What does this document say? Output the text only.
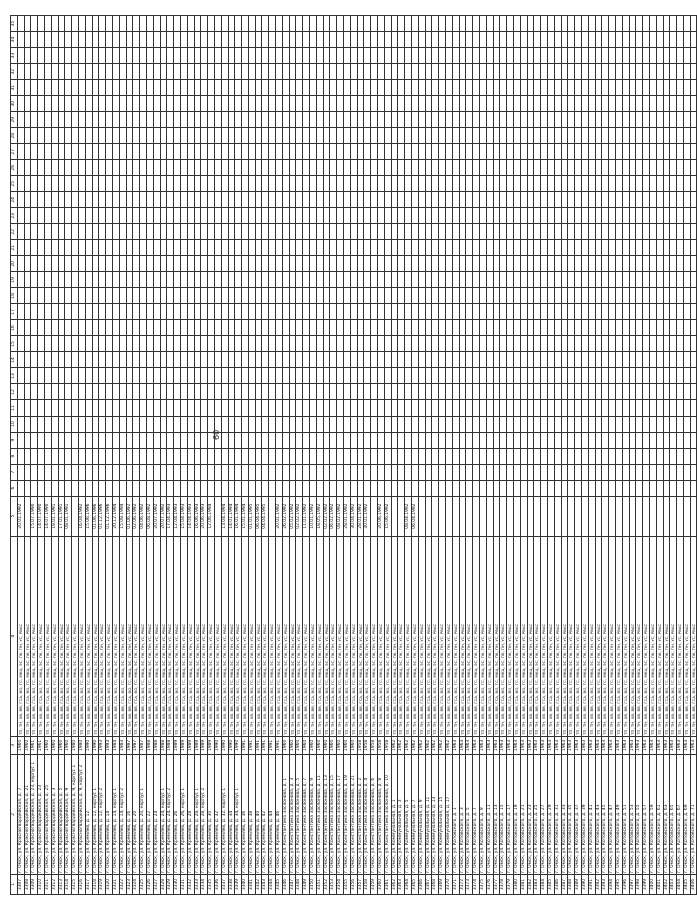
60
1	2	3	4	5	6	7	8	9	10	11	12	13	14	15	16	17	18	19	20	21	22	23	24	25	26	27	28	29	30	31	32	33	34	35
3307	г. Омск, ул. Красногвардейская, д. 7	1960	ТП, ТН, ХВ, ВВ, ГСА, ВО, ГС, МКЦ, ЭС, ПК, ПН, УС, РВАС	20.01.1992																														
3308	г. Омск, ул. Красногвардейская, д. 21	1960	ТП, ТН, ХВ, ВВ, ГСА, ВО, ГС, МКЦ, ЭС, ПК, ПН, УС, РВАС																															
3309	г. Омск, ул. Красногвардейская, д. 23, корпус 1	1961	ТП, ТН, ХВ, ВВ, ГСА, ВО, ГС, МКЦ, ЭС, ПК, ПН, УС, РВАС	15.07.1990																														
3310	г. Омск, ул. Красногвардейская, д. 23	1961	ТП, ТН, ХВ, ВВ, ГСА, ВО, ГС, МКЦ, ЭС, ПК, ПН, УС, РВАС	14.07.1990																														
3311	г. Омск, ул. Красногвардейская, д. 25	1960	ТП, ТН, ХВ, ВВ, ГСА, ВО, ГС, МКЦ, ЭС, ПК, ПН, УС, РВАС	14.07.1990																														
3312	г. Омск, ул. Красногвардейская, д. 3	1960	ТП, ТН, ХВ, ВВ, ГСА, ВО, ГС, МКЦ, ЭС, ПК, ПН, УС, РВАС	18.01.1991																														
3313	г. Омск, ул. Красногвардейская, д. 5	1960	ТП, ТН, ХВ, ВВ, ГСА, ВО, ГС, МКЦ, ЭС, ПК, ПН, УС, РВАС	17.01.1991																														
3314	г. Омск, ул. Красногвардейская, д. 9	1960	ТП, ТН, ХВ, ВВ, ГСА, ВО, ГС, МКЦ, ЭС, ПК, ПН, УС, РВАС	08.01.1991																														
3315	г. Омск, ул. Красногвардейская, д. 9, корпус 1	1980	ТП, ТН, ХВ, ВВ, ГСА, ВО, ГС, МКЦ, ЭС, ПК, ПН, УС, РВАС																															
3316	г. Омск, ул. Красногвардейская, д. 9, корпус 2	1980	ТП, ТН, ХВ, ВВ, ГСА, ВО, ГС, МКЦ, ЭС, ПК, ПН, УС, РВАС	16.04.1992																														
3317	г. Омск, ул. Кремлев, д. 12	1990	ТП, ТН, ХВ, ВВ, ГСА, ВО, ГС, МКЦ, ЭС, ПК, ПН, УС, РВАС	15.06.1996																														
3318	г. Омск, ул. Кремлев, д. 12, корпус 1	1990	ТП, ТН, ХВ, ВВ, ГСА, ВО, ГС, МКЦ, ЭС, ПК, ПН, УС, РВАС	01.06.1996																														
3319	г. Омск, ул. Кремлев, д. 12, корпус 2	1993	ТП, ТН, ХВ, ВВ, ГСА, ВО, ГС, МКЦ, ЭС, ПК, ПН, УС, РВАС	01.12.1996																														
3320	г. Омск, ул. Кремлев, д. 14	1993	ТП, ТН, ХВ, ВВ, ГСА, ВО, ГС, МКЦ, ЭС, ПК, ПН, УС, РВАС	01.12.1996																														
3321	г. Омск, ул. Кремлев, д. 14, корпус 1	1984	ТП, ТН, ХВ, ВВ, ГСА, ВО, ГС, МКЦ, ЭС, ПК, ПН, УС, РВАС	20.12.1994																														
3322	г. Омск, ул. Кремлев, д. 14, корпус 2	1983	ТП, ТН, ХВ, ВВ, ГСА, ВО, ГС, МКЦ, ЭС, ПК, ПН, УС, РВАС	15.08.1994																														
3323	г. Омск, ул. Кремлев, д. 16	1987	ТП, ТН, ХВ, ВВ, ГСА, ВО, ГС, МКЦ, ЭС, ПК, ПН, УС, РВАС	01.06.1992																														
3324	г. Омск, ул. Кремлев, д. 20	1987	ТП, ТН, ХВ, ВВ, ГСА, ВО, ГС, МКЦ, ЭС, ПК, ПН, УС, РВАС	02.06.1992																														
3325	г. Омск, ул. Кремлев, д. 20, корпус 1	1987	ТП, ТН, ХВ, ВВ, ГСА, ВО, ГС, МКЦ, ЭС, ПК, ПН, УС, РВАС	04.06.1992																														
3326	г. Омск, ул. Кремлев, д. 22	1988	ТП, ТН, ХВ, ВВ, ГСА, ВО, ГС, МКЦ, ЭС, ПК, ПН, УС, РВАС	06.08.1992																														
3327	г. Омск, ул. Кремлев, д. 24	1988	ТП, ТН, ХВ, ВВ, ГСА, ВО, ГС, МКЦ, ЭС, ПК, ПН, УС, РВАС	20.07.1992																														
3328	г. Омск, ул. Кремлев, д. 24, корпус 1	1988	ТП, ТН, ХВ, ВВ, ГСА, ВО, ГС, МКЦ, ЭС, ПК, ПН, УС, РВАС	20.07.1992																														
3329	г. Омск, ул. Кремлев, д. 24, корпус 2	1988	ТП, ТН, ХВ, ВВ, ГСА, ВО, ГС, МКЦ, ЭС, ПК, ПН, УС, РВАС	17.04.1993																														
3330	г. Омск, ул. Кремлев, д. 26	1989	ТП, ТН, ХВ, ВВ, ГСА, ВО, ГС, МКЦ, ЭС, ПК, ПН, УС, РВАС	12.04.1993																														
3331	г. Омск, ул. Кремлев, д. 26, корпус 1	1989	ТП, ТН, ХВ, ВВ, ГСА, ВО, ГС, МКЦ, ЭС, ПК, ПН, УС, РВАС	15.04.1993																														
3332	г. Омск, ул. Кремлев, д. 28	1989	ТП, ТН, ХВ, ВВ, ГСА, ВО, ГС, МКЦ, ЭС, ПК, ПН, УС, РВАС	14.04.1993																														
3333	г. Омск, ул. Кремлев, д. 28, корпус 1	1989	ТП, ТН, ХВ, ВВ, ГСА, ВО, ГС, МКЦ, ЭС, ПК, ПН, УС, РВАС	16.06.1993																														
3334	г. Омск, ул. Кремлев, д. 28, корпус 2	1989	ТП, ТН, ХВ, ВВ, ГСА, ВО, ГС, МКЦ, ЭС, ПК, ПН, УС, РВАС	20.06.1993																														
3335	г. Омск, ул. Кремлев, д. 30	1989	ТП, ТН, ХВ, ВВ, ГСА, ВО, ГС, МКЦ, ЭС, ПК, ПН, УС, РВАС	12.06.1994																														
3336	г. Омск, ул. Кремлев, д. 32	1990	ТП, ТН, ХВ, ВВ, ГСА, ВО, ГС, МКЦ, ЭС, ПК, ПН, УС, РВАС																															
3337	г. Омск, ул. Кремлев, д. 32, корпус 1	1990	ТП, ТН, ХВ, ВВ, ГСА, ВО, ГС, МКЦ, ЭС, ПК, ПН, УС, РВАС	13.04.1994																														
3338	г. Омск, ул. Кремлев, д. 34	1990	ТП, ТН, ХВ, ВВ, ГСА, ВО, ГС, МКЦ, ЭС, ПК, ПН, УС, РВАС	14.01.1994																														
3339	г. Омск, ул. Кремлев, д. 34, корпус 1	1990	ТП, ТН, ХВ, ВВ, ГСА, ВО, ГС, МКЦ, ЭС, ПК, ПН, УС, РВАС	16.01.1994																														
3340	г. Омск, ул. Кремлев, д. 36	1991	ТП, ТН, ХВ, ВВ, ГСА, ВО, ГС, МКЦ, ЭС, ПК, ПН, УС, РВАС	15.01.1994																														
3341	г. Омск, ул. Кремлев, д. 38	1991	ТП, ТН, ХВ, ВВ, ГСА, ВО, ГС, МКЦ, ЭС, ПК, ПН, УС, РВАС	01.01.1995																														
3342	г. Омск, ул. Кремлев, д. 40	1991	ТП, ТН, ХВ, ВВ, ГСА, ВО, ГС, МКЦ, ЭС, ПК, ПН, УС, РВАС	06.04.1995																														
3343	г. Омск, ул. Кремлев, д. 42	1991	ТП, ТН, ХВ, ВВ, ГСА, ВО, ГС, МКЦ, ЭС, ПК, ПН, УС, РВАС	04.04.1995																														
3344	г. Омск, ул. Кремлев, д. 44	1991	ТП, ТН, ХВ, ВВ, ГСА, ВО, ГС, МКЦ, ЭС, ПК, ПН, УС, РВАС																															
3345	г. Омск, ул. Кремлев, д. 46	1991	ТП, ТН, ХВ, ВВ, ГСА, ВО, ГС, МКЦ, ЭС, ПК, ПН, УС, РВАС	20.01.1992																														
3346	г. Омск, ул. Константина Заслонова, д. 1	1960	ТП, ТН, ХВ, ВВ, ГСА, ВО, ГС, МКЦ, ЭС, ПК, ПН, УС, РВАС	26.02.1992																														
3347	г. Омск, ул. Константина Заслонова, д. 3	1960	ТП, ТН, ХВ, ВВ, ГСА, ВО, ГС, МКЦ, ЭС, ПК, ПН, УС, РВАС	05.02.1992																														
3348	г. Омск, ул. Константина Заслонова, д. 5	1960	ТП, ТН, ХВ, ВВ, ГСА, ВО, ГС, МКЦ, ЭС, ПК, ПН, УС, РВАС	02.02.1992																														
3349	г. Омск, ул. Константина Заслонова, д. 7	1960	ТП, ТН, ХВ, ВВ, ГСА, ВО, ГС, МКЦ, ЭС, ПК, ПН, УС, РВАС	11.01.1992																														
3350	г. Омск, ул. Константина Заслонова, д. 9	1960	ТП, ТН, ХВ, ВВ, ГСА, ВО, ГС, МКЦ, ЭС, ПК, ПН, УС, РВАС	10.01.1992																														
3351	г. Омск, ул. Константина Заслонова, д. 11	1960	ТП, ТН, ХВ, ВВ, ГСА, ВО, ГС, МКЦ, ЭС, ПК, ПН, УС, РВАС	18.05.1992																														
3352	г. Омск, ул. Константина Заслонова, д. 13	1960	ТП, ТН, ХВ, ВВ, ГСА, ВО, ГС, МКЦ, ЭС, ПК, ПН, УС, РВАС	02.02.1992																														
3353	г. Омск, ул. Константина Заслонова, д. 15	1960	ТП, ТН, ХВ, ВВ, ГСА, ВО, ГС, МКЦ, ЭС, ПК, ПН, УС, РВАС	06.02.1992																														
3354	г. Омск, ул. Константина Заслонова, д. 17	1960	ТП, ТН, ХВ, ВВ, ГСА, ВО, ГС, МКЦ, ЭС, ПК, ПН, УС, РВАС	08.02.1992																														
3355	г. Омск, ул. Константина Заслонова, д. 19	1960	ТП, ТН, ХВ, ВВ, ГСА, ВО, ГС, МКЦ, ЭС, ПК, ПН, УС, РВАС	28.01.1992																														
3356	г. Омск, ул. Константина Заслонова, д. 21	1960	ТП, ТН, ХВ, ВВ, ГСА, ВО, ГС, МКЦ, ЭС, ПК, ПН, УС, РВАС	30.04.1992																														
3357	г. Омск, ул. Константина Заслонова, д. 2	1958	ТП, ТН, ХВ, ВВ, ГСА, ВО, ГС, МКЦ, ЭС, ПК, ПН, УС, РВАС	28.01.1992																														
3358	г. Омск, ул. Константина Заслонова, д. 4	1958	ТП, ТН, ХВ, ВВ, ГСА, ВО, ГС, МКЦ, ЭС, ПК, ПН, УС, РВАС	30.01.1992																														
3359	г. Омск, ул. Константина Заслонова, д. 6	1958	ТП, ТН, ХВ, ВВ, ГСА, ВО, ГС, МКЦ, ЭС, ПК, ПН, УС, РВАС																															
3360	г. Омск, ул. Константина Заслонова, д. 8	1958	ТП, ТН, ХВ, ВВ, ГСА, ВО, ГС, МКЦ, ЭС, ПК, ПН, УС, РВАС	20.06.1992																														
3361	г. Омск, ул. Константина Заслонова, д. 10	1958	ТП, ТН, ХВ, ВВ, ГСА, ВО, ГС, МКЦ, ЭС, ПК, ПН, УС, РВАС	15.06.1992																														
3362	г. Омск, ул. Коммунальная, д. 1	1962	ТП, ТН, ХВ, ВВ, ГСА, ВО, ГС, МКЦ, ЭС, ПК, ПН, УС, РВАС																															
3363	г. Омск, ул. Коммунальная, д. 3	1962	ТП, ТН, ХВ, ВВ, ГСА, ВО, ГС, МКЦ, ЭС, ПК, ПН, УС, РВАС																															
3364	г. Омск, ул. Коммунальная, д. 5	1962	ТП, ТН, ХВ, ВВ, ГСА, ВО, ГС, МКЦ, ЭС, ПК, ПН, УС, РВАС	08.04.1992																														
3365	г. Омск, ул. Коммунальная, д. 7	1962	ТП, ТН, ХВ, ВВ, ГСА, ВО, ГС, МКЦ, ЭС, ПК, ПН, УС, РВАС	06.04.1992																														
3366	г. Омск, ул. Коммунальная, д. 9	1962	ТП, ТН, ХВ, ВВ, ГСА, ВО, ГС, МКЦ, ЭС, ПК, ПН, УС, РВАС																															
3367	г. Омск, ул. Коммунальная, д. 11	1962	ТП, ТН, ХВ, ВВ, ГСА, ВО, ГС, МКЦ, ЭС, ПК, ПН, УС, РВАС																															
3368	г. Омск, ул. Коммунальная, д. 13	1962	ТП, ТН, ХВ, ВВ, ГСА, ВО, ГС, МКЦ, ЭС, ПК, ПН, УС, РВАС																															
3369	г. Омск, ул. Коммунальная, д. 15	1962	ТП, ТН, ХВ, ВВ, ГСА, ВО, ГС, МКЦ, ЭС, ПК, ПН, УС, РВАС																															
3370	г. Омск, ул. Коммунальная, д. 17	1962	ТП, ТН, ХВ, ВВ, ГСА, ВО, ГС, МКЦ, ЭС, ПК, ПН, УС, РВАС																															
3371	г. Омск, ул. Котовского, д. 1	1963	ТП, ТН, ХВ, ВВ, ГСА, ВО, ГС, МКЦ, ЭС, ПК, ПН, УС, РВАС																															
3372	г. Омск, ул. Котовского, д. 3	1963	ТП, ТН, ХВ, ВВ, ГСА, ВО, ГС, МКЦ, ЭС, ПК, ПН, УС, РВАС																															
3373	г. Омск, ул. Котовского, д. 5	1963	ТП, ТН, ХВ, ВВ, ГСА, ВО, ГС, МКЦ, ЭС, ПК, ПН, УС, РВАС																															
3374	г. Омск, ул. Котовского, д. 7	1963	ТП, ТН, ХВ, ВВ, ГСА, ВО, ГС, МКЦ, ЭС, ПК, ПН, УС, РВАС																															
3375	г. Омск, ул. Котовского, д. 9	1963	ТП, ТН, ХВ, ВВ, ГСА, ВО, ГС, МКЦ, ЭС, ПК, ПН, УС, РВАС																															
3376	г. Омск, ул. Котовского, д. 11	1963	ТП, ТН, ХВ, ВВ, ГСА, ВО, ГС, МКЦ, ЭС, ПК, ПН, УС, РВАС																															
3377	г. Омск, ул. Котовского, д. 13	1963	ТП, ТН, ХВ, ВВ, ГСА, ВО, ГС, МКЦ, ЭС, ПК, ПН, УС, РВАС																															
3378	г. Омск, ул. Котовского, д. 15	1963	ТП, ТН, ХВ, ВВ, ГСА, ВО, ГС, МКЦ, ЭС, ПК, ПН, УС, РВАС																															
3379	г. Омск, ул. Котовского, д. 17	1963	ТП, ТН, ХВ, ВВ, ГСА, ВО, ГС, МКЦ, ЭС, ПК, ПН, УС, РВАС																															
3380	г. Омск, ул. Котовского, д. 19	1963	ТП, ТН, ХВ, ВВ, ГСА, ВО, ГС, МКЦ, ЭС, ПК, ПН, УС, РВАС																															
3381	г. Омск, ул. Котовского, д. 21	1963	ТП, ТН, ХВ, ВВ, ГСА, ВО, ГС, МКЦ, ЭС, ПК, ПН, УС, РВАС																															
3382	г. Омск, ул. Котовского, д. 23	1963	ТП, ТН, ХВ, ВВ, ГСА, ВО, ГС, МКЦ, ЭС, ПК, ПН, УС, РВАС																															
3383	г. Омск, ул. Котовского, д. 25	1963	ТП, ТН, ХВ, ВВ, ГСА, ВО, ГС, МКЦ, ЭС, ПК, ПН, УС, РВАС																															
3384	г. Омск, ул. Котовского, д. 27	1963	ТП, ТН, ХВ, ВВ, ГСА, ВО, ГС, МКЦ, ЭС, ПК, ПН, УС, РВАС																															
3385	г. Омск, ул. Котовского, д. 29	1963	ТП, ТН, ХВ, ВВ, ГСА, ВО, ГС, МКЦ, ЭС, ПК, ПН, УС, РВАС																															
3386	г. Омск, ул. Котовского, д. 31	1963	ТП, ТН, ХВ, ВВ, ГСА, ВО, ГС, МКЦ, ЭС, ПК, ПН, УС, РВАС																															
3387	г. Омск, ул. Котовского, д. 33	1963	ТП, ТН, ХВ, ВВ, ГСА, ВО, ГС, МКЦ, ЭС, ПК, ПН, УС, РВАС																															
3388	г. Омск, ул. Котовского, д. 35	1963	ТП, ТН, ХВ, ВВ, ГСА, ВО, ГС, МКЦ, ЭС, ПК, ПН, УС, РВАС																															
3389	г. Омск, ул. Котовского, д. 37	1963	ТП, ТН, ХВ, ВВ, ГСА, ВО, ГС, МКЦ, ЭС, ПК, ПН, УС, РВАС																															
3390	г. Омск, ул. Котовского, д. 39	1963	ТП, ТН, ХВ, ВВ, ГСА, ВО, ГС, МКЦ, ЭС, ПК, ПН, УС, РВАС																															
3391	г. Омск, ул. Котовского, д. 41	1963	ТП, ТН, ХВ, ВВ, ГСА, ВО, ГС, МКЦ, ЭС, ПК, ПН, УС, РВАС																															
3392	г. Омск, ул. Котовского, д. 43	1963	ТП, ТН, ХВ, ВВ, ГСА, ВО, ГС, МКЦ, ЭС, ПК, ПН, УС, РВАС																															
3393	г. Омск, ул. Котовского, д. 45	1963	ТП, ТН, ХВ, ВВ, ГСА, ВО, ГС, МКЦ, ЭС, ПК, ПН, УС, РВАС																															
3394	г. Омск, ул. Котовского, д. 47	1963	ТП, ТН, ХВ, ВВ, ГСА, ВО, ГС, МКЦ, ЭС, ПК, ПН, УС, РВАС																															
3395	г. Омск, ул. Котовского, д. 49	1963	ТП, ТН, ХВ, ВВ, ГСА, ВО, ГС, МКЦ, ЭС, ПК, ПН, УС, РВАС																															
3396	г. Омск, ул. Котовского, д. 51	1963	ТП, ТН, ХВ, ВВ, ГСА, ВО, ГС, МКЦ, ЭС, ПК, ПН, УС, РВАС																															
3397	г. Омск, ул. Котовского, д. 53	1963	ТП, ТН, ХВ, ВВ, ГСА, ВО, ГС, МКЦ, ЭС, ПК, ПН, УС, РВАС																															
3398	г. Омск, ул. Котовского, д. 55	1963	ТП, ТН, ХВ, ВВ, ГСА, ВО, ГС, МКЦ, ЭС, ПК, ПН, УС, РВАС																															
3399	г. Омск, ул. Котовского, д. 57	1963	ТП, ТН, ХВ, ВВ, ГСА, ВО, ГС, МКЦ, ЭС, ПК, ПН, УС, РВАС																															
3400	г. Омск, ул. Котовского, д. 59	1963	ТП, ТН, ХВ, ВВ, ГСА, ВО, ГС, МКЦ, ЭС, ПК, ПН, УС, РВАС																															
3401	г. Омск, ул. Котовского, д. 61	1963	ТП, ТН, ХВ, ВВ, ГСА, ВО, ГС, МКЦ, ЭС, ПК, ПН, УС, РВАС																															
3402	г. Омск, ул. Котовского, д. 63	1963	ТП, ТН, ХВ, ВВ, ГСА, ВО, ГС, МКЦ, ЭС, ПК, ПН, УС, РВАС																															
3403	г. Омск, ул. Котовского, д. 65	1963	ТП, ТН, ХВ, ВВ, ГСА, ВО, ГС, МКЦ, ЭС, ПК, ПН, УС, РВАС																															
3404	г. Омск, ул. Котовского, д. 67	1963	ТП, ТН, ХВ, ВВ, ГСА, ВО, ГС, МКЦ, ЭС, ПК, ПН, УС, РВАС																															
3405	г. Омск, ул. Котовского, д. 69	1963	ТП, ТН, ХВ, ВВ, ГСА, ВО, ГС, МКЦ, ЭС, ПК, ПН, УС, РВАС																															
3406	г. Омск, ул. Котовского, д. 71	1963	ТП, ТН, ХВ, ВВ, ГСА, ВО, ГС, МКЦ, ЭС, ПК, ПН, УС, РВАС																															
